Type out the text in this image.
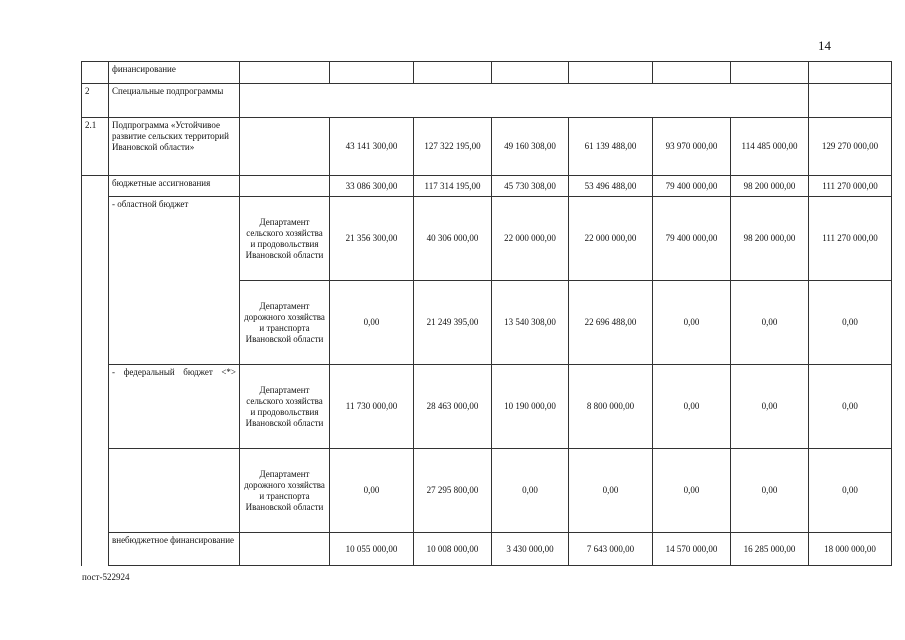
14
	финансирование								
2	Специальные подпрограммы								
2.1	Подпрограмма «Устойчивое развитие сельских территорий Ивановской области»		43 141 300,00	127 322 195,00	49 160 308,00	61 139 488,00	93 970 000,00	114 485 000,00	129 270 000,00
	бюджетные ассигнования		33 086 300,00	117 314 195,00	45 730 308,00	53 496 488,00	79 400 000,00	98 200 000,00	111 270 000,00
	- областной бюджет	Департамент сельского хозяйства и продовольствия Ивановской области	21 356 300,00	40 306 000,00	22 000 000,00	22 000 000,00	79 400 000,00	98 200 000,00	111 270 000,00
		Департамент дорожного хозяйства и транспорта Ивановской области	0,00	21 249 395,00	13 540 308,00	22 696 488,00	0,00	0,00	0,00
	- федеральный бюджет <*>	Департамент сельского хозяйства и продовольствия Ивановской области	11 730 000,00	28 463 000,00	10 190 000,00	8 800 000,00	0,00	0,00	0,00
		Департамент дорожного хозяйства и транспорта Ивановской области	0,00	27 295 800,00	0,00	0,00	0,00	0,00	0,00
	внебюджетное финансирование		10 055 000,00	10 008 000,00	3 430 000,00	7 643 000,00	14 570 000,00	16 285 000,00	18 000 000,00
пост-522924
